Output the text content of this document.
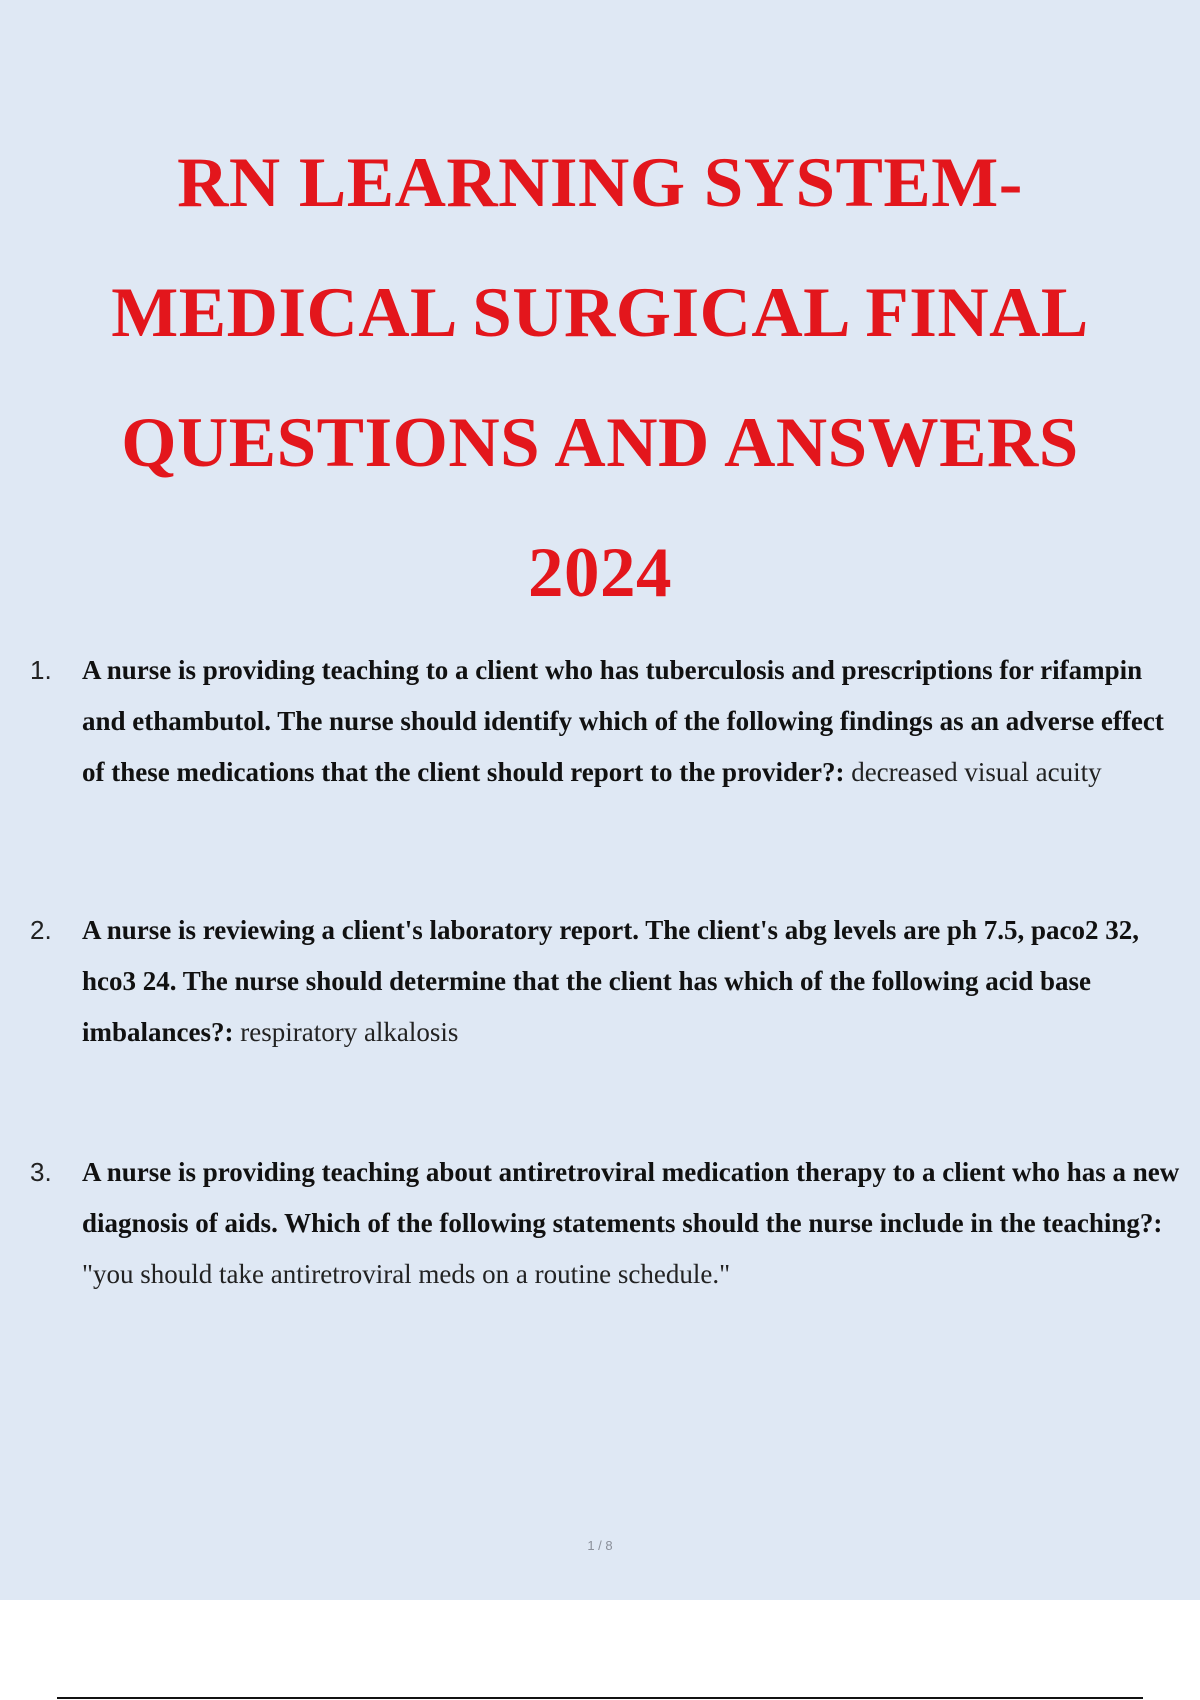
RN LEARNING SYSTEM-
MEDICAL SURGICAL FINAL
QUESTIONS AND ANSWERS
2024
1. A nurse is providing teaching to a client who has tuberculosis and prescriptions for rifampin and ethambutol. The nurse should identify which of the following findings as an adverse effect of these medications that the client should report to the provider?: decreased visual acuity
2. A nurse is reviewing a client's laboratory report. The client's abg levels are ph 7.5, paco2 32, hco3 24. The nurse should determine that the client has which of the following acid base imbalances?: respiratory alkalosis
3. A nurse is providing teaching about antiretroviral medication therapy to a client who has a new diagnosis of aids. Which of the following statements should the nurse include in the teaching?: "you should take antiretroviral meds on a routine schedule."
1 / 8
